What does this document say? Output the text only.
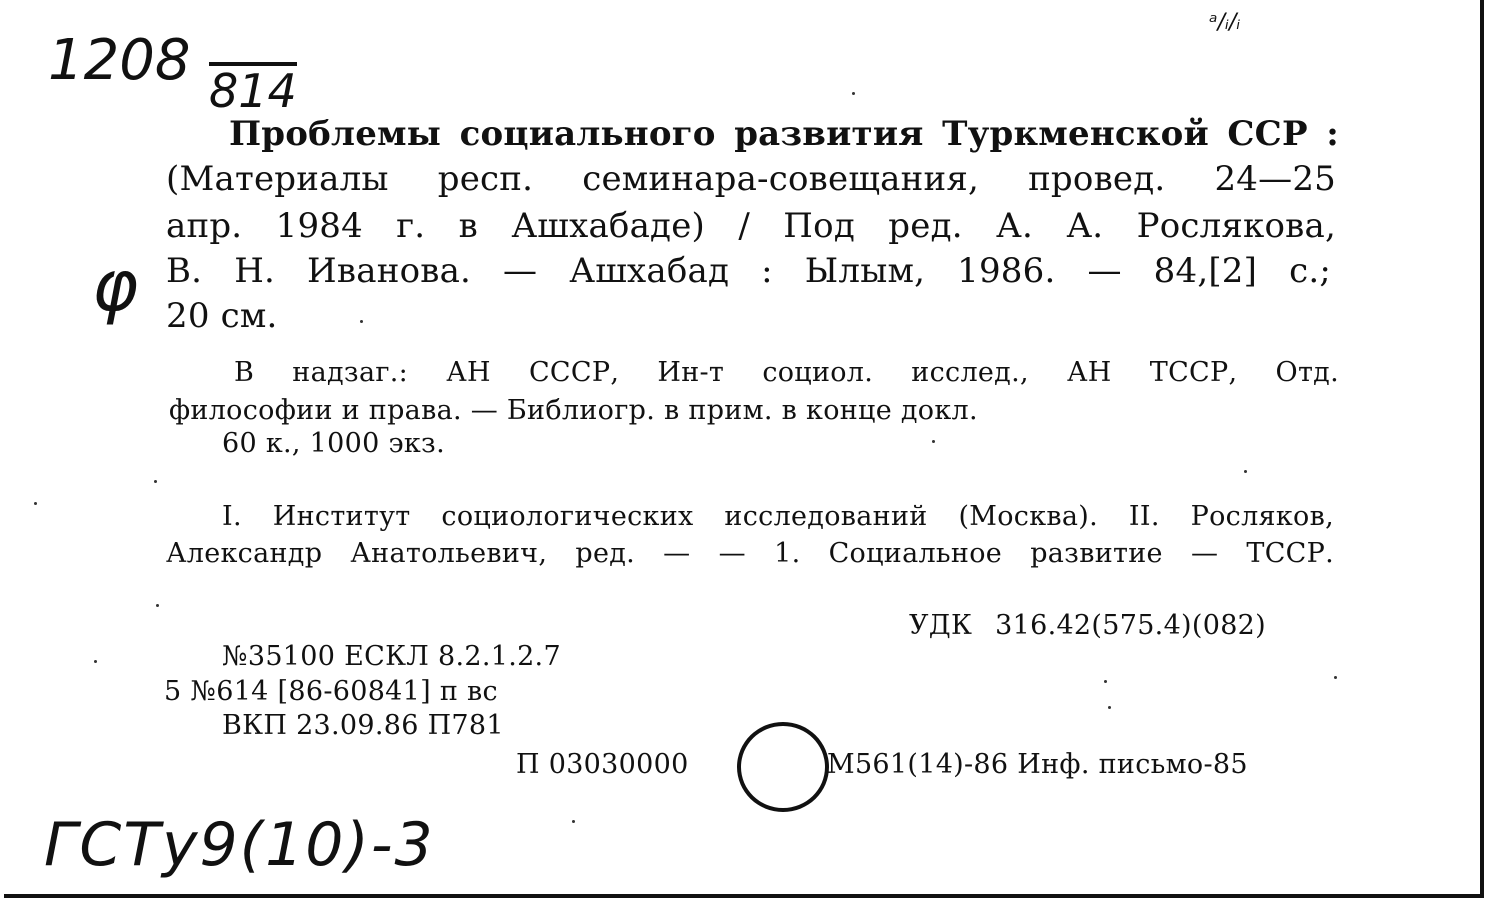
1208 814
ᵃ/ᵢ/ᵢ
φ
Проблемы социального развития Туркменской ССР :
(Материалы респ. семинара-совещания, провед. 24—25
апр. 1984 г. в Ашхабаде) / Под ред. А. А. Рослякова,
В. Н. Иванова. — Ашхабад : Ылым, 1986. — 84,[2] с.;
20 см.
В надзаг.: АН СССР, Ин-т социол. исслед., АН ТССР, Отд.
философии и права. — Библиогр. в прим. в конце докл.
60 к., 1000 экз.
I. Институт социологических исследований (Москва). II. Росляков,
Александр Анатольевич, ред. — — 1. Социальное развитие — ТССР.
УДК 316.42(575.4)(082)
№35100 ЕСКЛ 8.2.1.2.7
5 №614 [86-60841] п вс
ВКП 23.09.86 П781
П 03030000	М561(14)-86 Инф. письмо-85
ГСТу9(10)-3
